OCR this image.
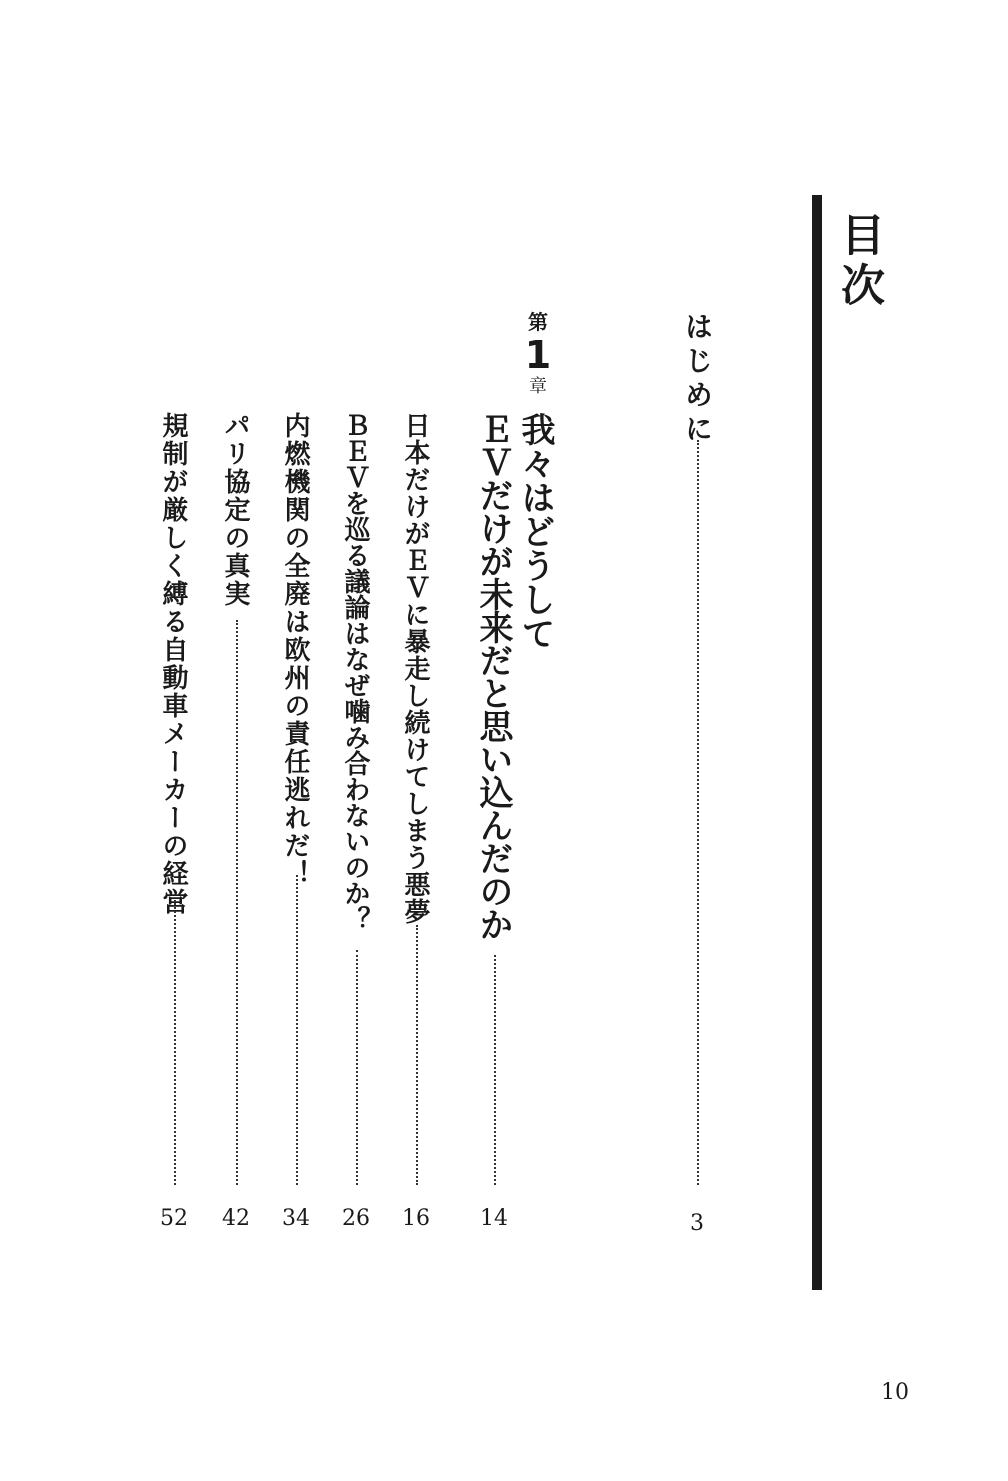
目次
はじめに
3
第
1
章
我々はどうして
ＥＶだけが未来だと思い込んだのか
14
日本だけがＥＶに暴走し続けてしまう悪夢
16
ＢＥＶを巡る議論はなぜ噛み合わないのか？
26
内燃機関の全廃は欧州の責任逃れだ！
34
パリ協定の真実
42
規制が厳しく縛る自動車メーカーの経営
52
10
